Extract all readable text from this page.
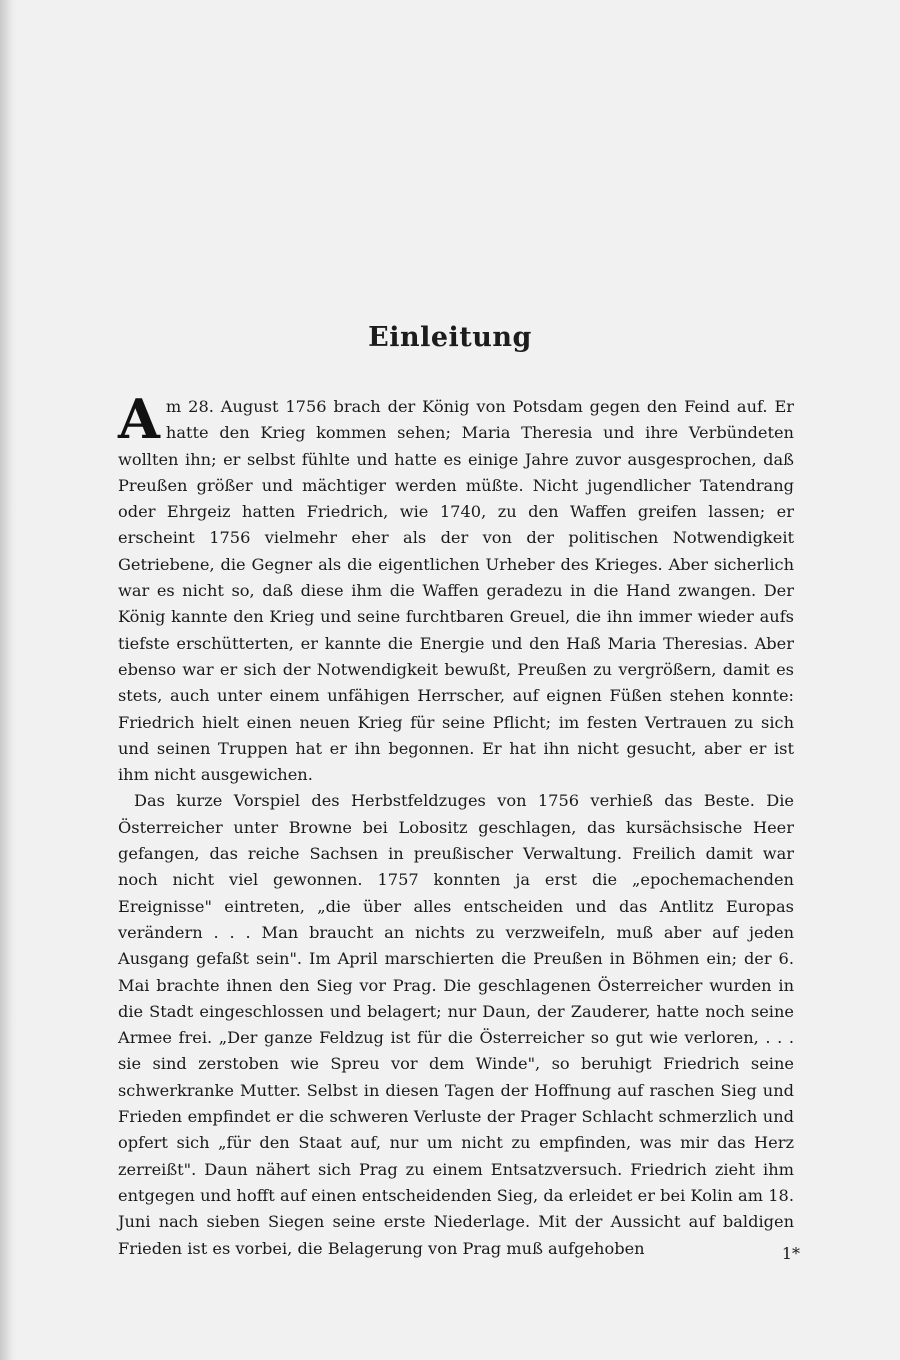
Einleitung

Am 28. August 1756 brach der König von Potsdam gegen den Feind auf. Er hatte den Krieg kommen sehen; Maria Theresia und ihre Verbündeten wollten ihn; er selbst fühlte und hatte es einige Jahre zuvor ausgesprochen, daß Preußen größer und mächtiger werden müßte. Nicht jugendlicher Tatendrang oder Ehrgeiz hatten Friedrich, wie 1740, zu den Waffen greifen lassen; er erscheint 1756 vielmehr eher als der von der politischen Notwendigkeit Getriebene, die Gegner als die eigentlichen Urheber des Krieges. Aber sicherlich war es nicht so, daß diese ihm die Waffen geradezu in die Hand zwangen. Der König kannte den Krieg und seine furchtbaren Greuel, die ihn immer wieder aufs tiefste erschütterten, er kannte die Energie und den Haß Maria Theresias. Aber ebenso war er sich der Notwendigkeit bewußt, Preußen zu vergrößern, damit es stets, auch unter einem unfähigen Herrscher, auf eignen Füßen stehen konnte: Friedrich hielt einen neuen Krieg für seine Pflicht; im festen Vertrauen zu sich und seinen Truppen hat er ihn begonnen. Er hat ihn nicht gesucht, aber er ist ihm nicht ausgewichen.

Das kurze Vorspiel des Herbstfeldzuges von 1756 verhieß das Beste. Die Österreicher unter Browne bei Lobositz geschlagen, das kursächsische Heer gefangen, das reiche Sachsen in preußischer Verwaltung. Freilich damit war noch nicht viel gewonnen. 1757 konnten ja erst die „epochemachenden Ereignisse" eintreten, „die über alles entscheiden und das Antlitz Europas verändern . . . Man braucht an nichts zu verzweifeln, muß aber auf jeden Ausgang gefaßt sein". Im April marschierten die Preußen in Böhmen ein; der 6. Mai brachte ihnen den Sieg vor Prag. Die geschlagenen Österreicher wurden in die Stadt eingeschlossen und belagert; nur Daun, der Zauderer, hatte noch seine Armee frei. „Der ganze Feldzug ist für die Österreicher so gut wie verloren, . . . sie sind zerstoben wie Spreu vor dem Winde", so beruhigt Friedrich seine schwerkranke Mutter. Selbst in diesen Tagen der Hoffnung auf raschen Sieg und Frieden empfindet er die schweren Verluste der Prager Schlacht schmerzlich und opfert sich „für den Staat auf, nur um nicht zu empfinden, was mir das Herz zerreißt". Daun nähert sich Prag zu einem Entsatzversuch. Friedrich zieht ihm entgegen und hofft auf einen entscheidenden Sieg, da erleidet er bei Kolin am 18. Juni nach sieben Siegen seine erste Niederlage. Mit der Aussicht auf baldigen Frieden ist es vorbei, die Belagerung von Prag muß aufgehoben	1*
